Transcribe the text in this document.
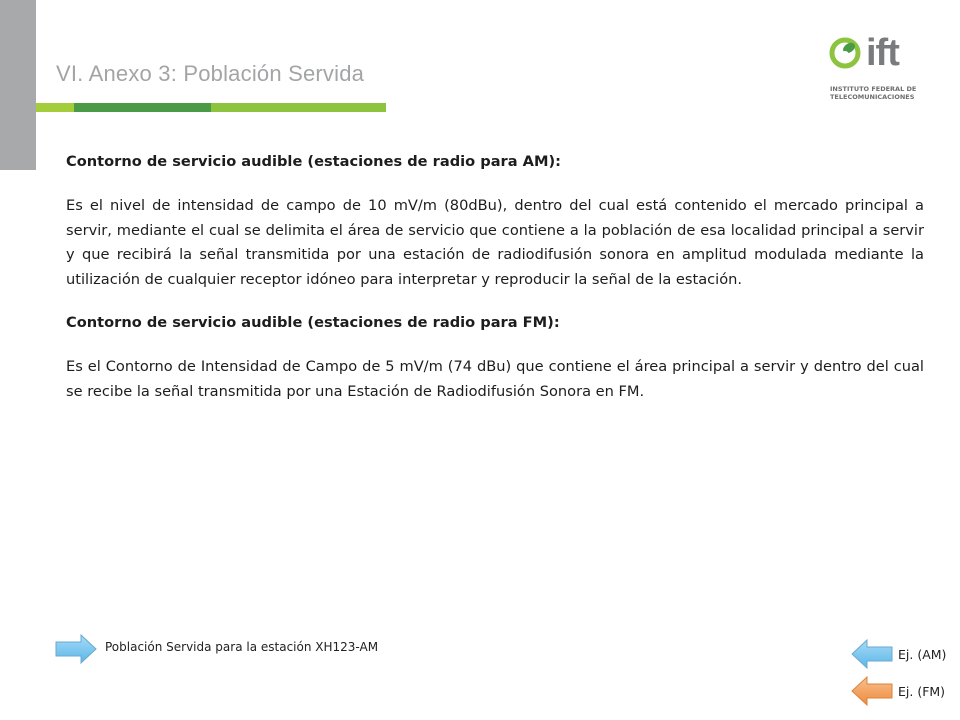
VI. Anexo 3: Población Servida	ift
INSTITUTO FEDERAL DE
TELECOMUNICACIONES

Contorno de servicio audible (estaciones de radio para AM):

Es el nivel de intensidad de campo de 10 mV/m (80dBu), dentro del cual está contenido el mercado principal a servir, mediante el cual se delimita el área de servicio que contiene a la población de esa localidad principal a servir y que recibirá la señal transmitida por una estación de radiodifusión sonora en amplitud modulada mediante la utilización de cualquier receptor idóneo para interpretar y reproducir la señal de la estación.

Contorno de servicio audible (estaciones de radio para FM):

Es el Contorno de Intensidad de Campo de 5 mV/m (74 dBu) que contiene el área principal a servir y dentro del cual se recibe la señal transmitida por una Estación de Radiodifusión Sonora en FM.

Población Servida para la estación XH123-AM	Ej. (AM)
Ej. (FM)
